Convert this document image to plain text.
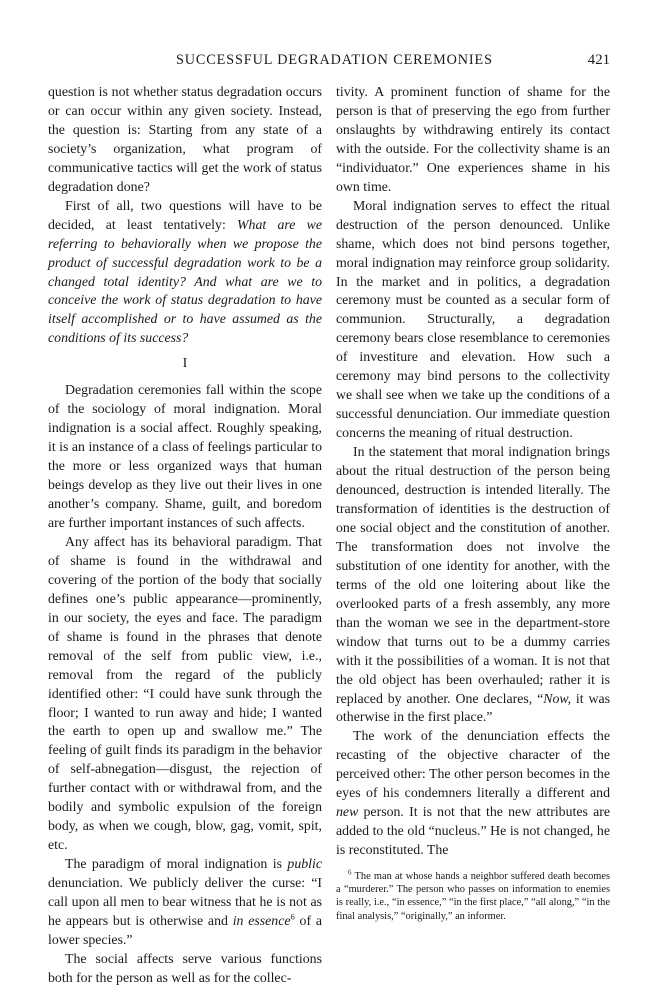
SUCCESSFUL DEGRADATION CEREMONIES	421

question is not whether status degradation occurs or can occur within any given society. Instead, the question is: Starting from any state of a society’s organization, what program of communicative tactics will get the work of status degradation done?

First of all, two questions will have to be decided, at least tentatively: What are we referring to behaviorally when we propose the product of successful degradation work to be a changed total identity? And what are we to conceive the work of status degradation to have itself accomplished or to have assumed as the conditions of its success?

I

Degradation ceremonies fall within the scope of the sociology of moral indignation. Moral indignation is a social affect. Roughly speaking, it is an instance of a class of feelings particular to the more or less organized ways that human beings develop as they live out their lives in one another’s company. Shame, guilt, and boredom are further important instances of such affects.

Any affect has its behavioral paradigm. That of shame is found in the withdrawal and covering of the portion of the body that socially defines one’s public appearance—prominently, in our society, the eyes and face. The paradigm of shame is found in the phrases that denote removal of the self from public view, i.e., removal from the regard of the publicly identified other: “I could have sunk through the floor; I wanted to run away and hide; I wanted the earth to open up and swallow me.” The feeling of guilt finds its paradigm in the behavior of self-abnegation—disgust, the rejection of further contact with or withdrawal from, and the bodily and symbolic expulsion of the foreign body, as when we cough, blow, gag, vomit, spit, etc.

The paradigm of moral indignation is public denunciation. We publicly deliver the curse: “I call upon all men to bear witness that he is not as he appears but is otherwise and in essence$^6$ of a lower species.”

The social affects serve various functions both for the person as well as for the collec-

tivity. A prominent function of shame for the person is that of preserving the ego from further onslaughts by withdrawing entirely its contact with the outside. For the collectivity shame is an “individuator.” One experiences shame in his own time.

Moral indignation serves to effect the ritual destruction of the person denounced. Unlike shame, which does not bind persons together, moral indignation may reinforce group solidarity. In the market and in politics, a degradation ceremony must be counted as a secular form of communion. Structurally, a degradation ceremony bears close resemblance to ceremonies of investiture and elevation. How such a ceremony may bind persons to the collectivity we shall see when we take up the conditions of a successful denunciation. Our immediate question concerns the meaning of ritual destruction.

In the statement that moral indignation brings about the ritual destruction of the person being denounced, destruction is intended literally. The transformation of identities is the destruction of one social object and the constitution of another. The transformation does not involve the substitution of one identity for another, with the terms of the old one loitering about like the overlooked parts of a fresh assembly, any more than the woman we see in the department-store window that turns out to be a dummy carries with it the possibilities of a woman. It is not that the old object has been overhauled; rather it is replaced by another. One declares, “Now, it was otherwise in the first place.”

The work of the denunciation effects the recasting of the objective character of the perceived other: The other person becomes in the eyes of his condemners literally a different and new person. It is not that the new attributes are added to the old “nucleus.” He is not changed, he is reconstituted. The

$^6$ The man at whose hands a neighbor suffered death becomes a “murderer.” The person who passes on information to enemies is really, i.e., “in essence,” “in the first place,” “all along,” “in the final analysis,” “originally,” an informer.
